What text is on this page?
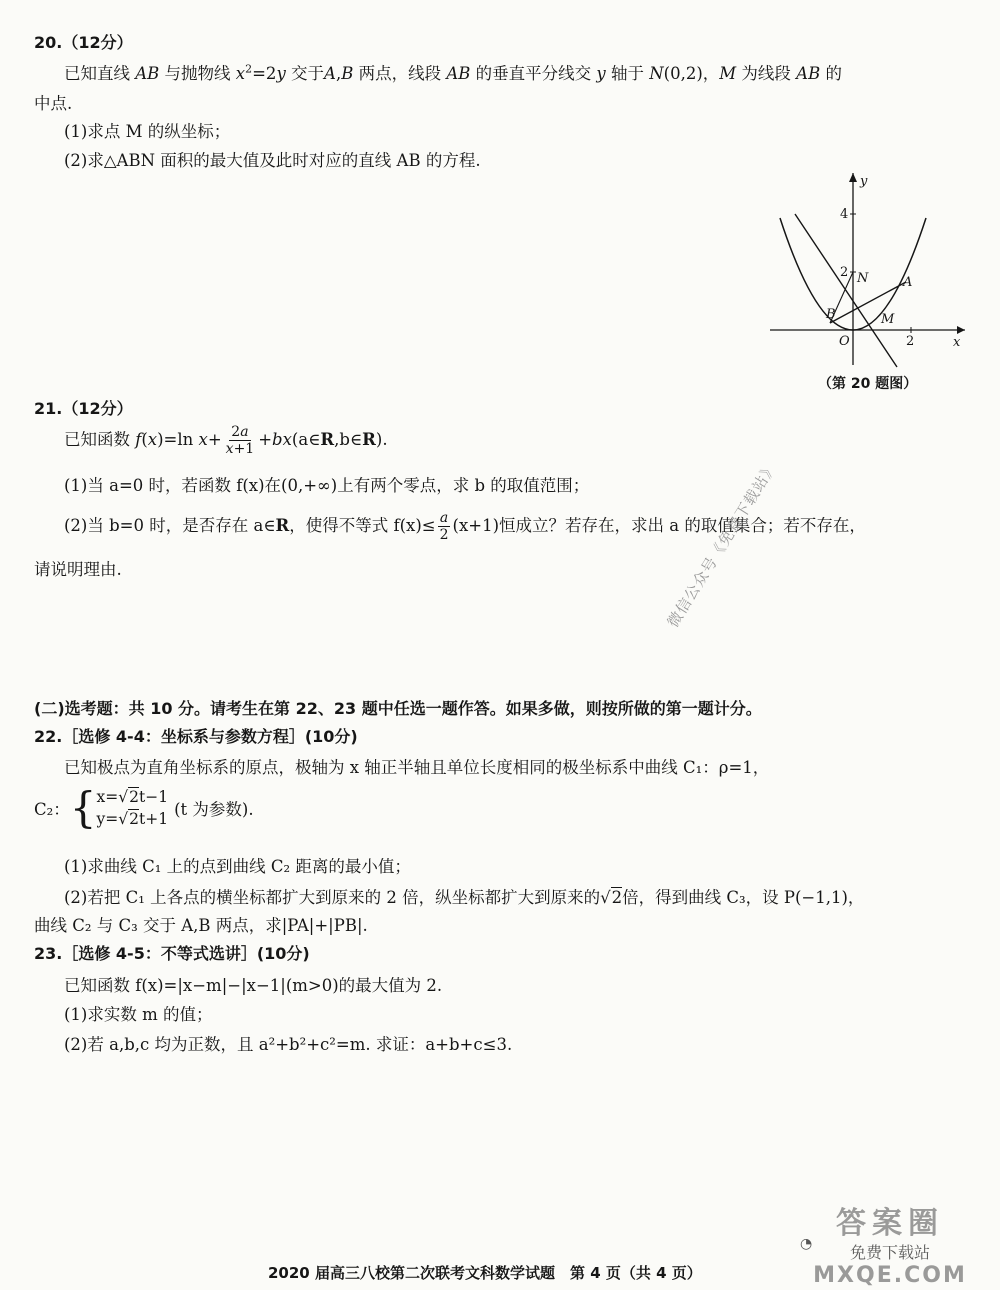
20.（12分）
已知直线 AB 与抛物线 $x^2=2y$ 交于A,B 两点，线段 AB 的垂直平分线交 y 轴于 N(0,2)，M 为线段 AB 的
中点.
(1)求点 M 的纵坐标；
(2)求△ABN 面积的最大值及此时对应的直线 AB 的方程.
y
x
4
2 N	A
B
O
M
2
（第 20 题图）
21.（12分）
已知函数 f(x)=ln $x+ \frac{2a}{x+1}$ +bx(a∈R,b∈R).
(1)当 a=0 时，若函数 f(x)在(0,+∞)上有两个零点，求 b 的取值范围；
(2)当 b=0 时，是否存在 a∈R，使得不等式 $f(x)\le \frac{a}{2} (x+1)$恒成立？若存在，求出 a 的取值集合；若不存在，
请说明理由.	微信公众号《免费下载站》
(二)选考题：共 10 分。请考生在第 22、23 题中任选一题作答。如果多做，则按所做的第一题计分。
22.［选修 4-4：坐标系与参数方程］(10分)
已知极点为直角坐标系的原点，极轴为 x 轴正半轴且单位长度相同的极坐标系中曲线 C₁：ρ=1，
C₂： { x=√2t−1
y=√2t+1 (t 为参数).
(1)求曲线 C₁ 上的点到曲线 C₂ 距离的最小值；
(2)若把 C₁ 上各点的横坐标都扩大到原来的 2 倍，纵坐标都扩大到原来的√2倍，得到曲线 C₃，设 P(−1,1)，
曲线 C₂ 与 C₃ 交于 A,B 两点，求|PA|+|PB|.
23.［选修 4-5：不等式选讲］(10分)
已知函数 f(x)=|x−m|−|x−1|(m>0)的最大值为 2.
(1)求实数 m 的值；
(2)若 a,b,c 均为正数，且 a²+b²+c²=m. 求证：a+b+c≤3.
答案圈
免费下载站
MXQE.COM
◔
2020 届高三八校第二次联考文科数学试题　第 4 页（共 4 页）
